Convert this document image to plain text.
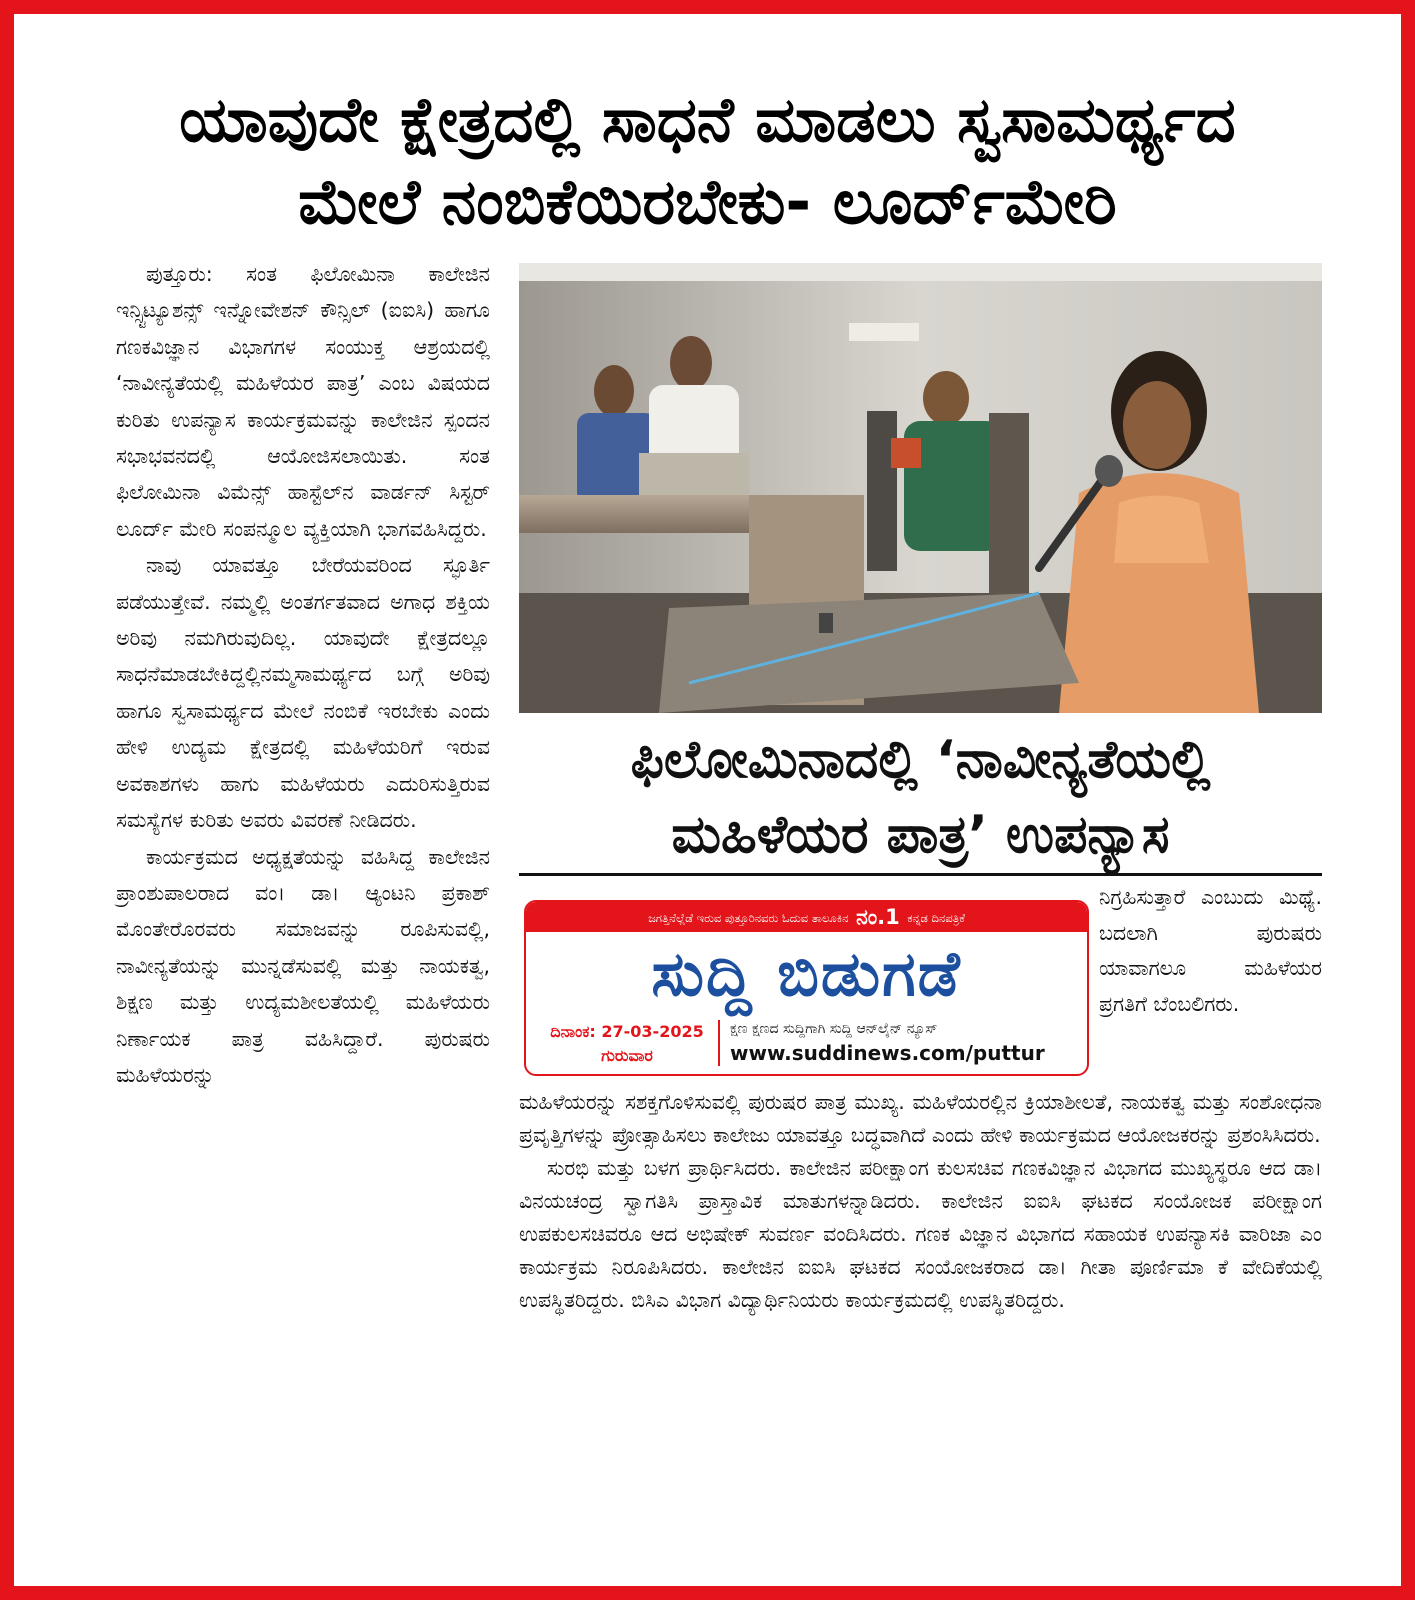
ಯಾವುದೇ ಕ್ಷೇತ್ರದಲ್ಲಿ ಸಾಧನೆ ಮಾಡಲು ಸ್ವಸಾಮರ್ಥ್ಯದ
ಮೇಲೆ ನಂಬಿಕೆಯಿರಬೇಕು- ಲೂರ್ದ್‌ಮೇರಿ

ಪುತ್ತೂರು: ಸಂತ ಫಿಲೋಮಿನಾ ಕಾಲೇಜಿನ ಇನ್ಸ್ಟಿಟ್ಯೂಶನ್ಸ್ ಇನ್ನೋವೇಶನ್ ಕೌನ್ಸಿಲ್ (ಐಐಸಿ) ಹಾಗೂ ಗಣಕವಿಜ್ಞಾನ ವಿಭಾಗಗಳ ಸಂಯುಕ್ತ ಆಶ್ರಯದಲ್ಲಿ ‘ನಾವೀನ್ಯತೆಯಲ್ಲಿ ಮಹಿಳೆಯರ ಪಾತ್ರ’ ಎಂಬ ವಿಷಯದ ಕುರಿತು ಉಪನ್ಯಾಸ ಕಾರ್ಯಕ್ರಮವನ್ನು ಕಾಲೇಜಿನ ಸ್ಪಂದನ ಸಭಾಭವನದಲ್ಲಿ ಆಯೋಜಿಸಲಾಯಿತು. ಸಂತ ಫಿಲೋಮಿನಾ ವಿಮೆನ್ಸ್ ಹಾಸ್ಟೆಲ್‌ನ ವಾರ್ಡನ್ ಸಿಸ್ಟರ್ ಲೂರ್ದ್ ಮೇರಿ ಸಂಪನ್ಮೂಲ ವ್ಯಕ್ತಿಯಾಗಿ ಭಾಗವಹಿಸಿದ್ದರು.

ನಾವು ಯಾವತ್ತೂ ಬೇರೆಯವರಿಂದ ಸ್ಫೂರ್ತಿ ಪಡೆಯುತ್ತೇವೆ. ನಮ್ಮಲ್ಲಿ ಅಂತರ್ಗತವಾದ ಅಗಾಧ ಶಕ್ತಿಯ ಅರಿವು ನಮಗಿರುವುದಿಲ್ಲ. ಯಾವುದೇ ಕ್ಷೇತ್ರದಲ್ಲೂ ಸಾಧನೆಮಾಡಬೇಕಿದ್ದಲ್ಲಿನಮ್ಮಸಾಮರ್ಥ್ಯದ ಬಗ್ಗೆ ಅರಿವು ಹಾಗೂ ಸ್ವಸಾಮರ್ಥ್ಯದ ಮೇಲೆ ನಂಬಿಕೆ ಇರಬೇಕು ಎಂದು ಹೇಳಿ ಉದ್ಯಮ ಕ್ಷೇತ್ರದಲ್ಲಿ ಮಹಿಳೆಯರಿಗೆ ಇರುವ ಅವಕಾಶಗಳು ಹಾಗು ಮಹಿಳೆಯರು ಎದುರಿಸುತ್ತಿರುವ ಸಮಸ್ಯೆಗಳ ಕುರಿತು ಅವರು ವಿವರಣೆ ನೀಡಿದರು.

ಕಾರ್ಯಕ್ರಮದ ಅಧ್ಯಕ್ಷತೆಯನ್ನು ವಹಿಸಿದ್ದ ಕಾಲೇಜಿನ ಪ್ರಾಂಶುಪಾಲರಾದ ವಂ। ಡಾ। ಆ್ಯಂಟನಿ ಪ್ರಕಾಶ್ ಮೊಂತೇರೊರವರು ಸಮಾಜವನ್ನು ರೂಪಿಸುವಲ್ಲಿ, ನಾವೀನ್ಯತೆಯನ್ನು ಮುನ್ನಡೆಸುವಲ್ಲಿ ಮತ್ತು ನಾಯಕತ್ವ, ಶಿಕ್ಷಣ ಮತ್ತು ಉದ್ಯಮಶೀಲತೆಯಲ್ಲಿ ಮಹಿಳೆಯರು ನಿರ್ಣಾಯಕ ಪಾತ್ರ ವಹಿಸಿದ್ದಾರೆ. ಪುರುಷರು ಮಹಿಳೆಯರನ್ನು

ಫಿಲೋಮಿನಾದಲ್ಲಿ ‘ನಾವೀನ್ಯತೆಯಲ್ಲಿ
ಮಹಿಳೆಯರ ಪಾತ್ರ’ ಉಪನ್ಯಾಸ
ಜಗತ್ತಿನೆಲ್ಲೆಡೆ ಇರುವ ಪುತ್ತೂರಿನವರು ಓದುವ ತಾಲೂಕಿನ ನಂ.1 ಕನ್ನಡ ದಿನಪತ್ರಿಕೆ
ಸುದ್ದಿ ಬಿಡುಗಡೆ
ದಿನಾಂಕ: 27-03-2025
ಗುರುವಾರ
ಕ್ಷಣ ಕ್ಷಣದ ಸುದ್ದಿಗಾಗಿ ಸುದ್ದಿ ಆನ್‌ಲೈನ್ ನ್ಯೂಸ್
www.suddinews.com/puttur

ನಿಗ್ರಹಿಸುತ್ತಾರೆ ಎಂಬುದು ಮಿಥ್ಯೆ. ಬದಲಾಗಿ ಪುರುಷರು ಯಾವಾಗಲೂ ಮಹಿಳೆಯರ ಪ್ರಗತಿಗೆ ಬೆಂಬಲಿಗರು.

ಮಹಿಳೆಯರನ್ನು ಸಶಕ್ತಗೊಳಿಸುವಲ್ಲಿ ಪುರುಷರ ಪಾತ್ರ ಮುಖ್ಯ. ಮಹಿಳೆಯರಲ್ಲಿನ ಕ್ರಿಯಾಶೀಲತೆ, ನಾಯಕತ್ವ ಮತ್ತು ಸಂಶೋಧನಾ ಪ್ರವೃತ್ತಿಗಳನ್ನು ಪ್ರೋತ್ಸಾಹಿಸಲು ಕಾಲೇಜು ಯಾವತ್ತೂ ಬದ್ಧವಾಗಿದೆ ಎಂದು ಹೇಳಿ ಕಾರ್ಯಕ್ರಮದ ಆಯೋಜಕರನ್ನು ಪ್ರಶಂಸಿಸಿದರು.

ಸುರಭಿ ಮತ್ತು ಬಳಗ ಪ್ರಾರ್ಥಿಸಿದರು. ಕಾಲೇಜಿನ ಪರೀಕ್ಷಾಂಗ ಕುಲಸಚಿವ ಗಣಕವಿಜ್ಞಾನ ವಿಭಾಗದ ಮುಖ್ಯಸ್ಥರೂ ಆದ ಡಾ। ವಿನಯಚಂದ್ರ ಸ್ವಾಗತಿಸಿ ಪ್ರಾಸ್ತಾವಿಕ ಮಾತುಗಳನ್ನಾಡಿದರು. ಕಾಲೇಜಿನ ಐಐಸಿ ಘಟಕದ ಸಂಯೋಜಕ ಪರೀಕ್ಷಾಂಗ ಉಪಕುಲಸಚಿವರೂ ಆದ ಅಭಿಷೇಕ್ ಸುವರ್ಣ ವಂದಿಸಿದರು. ಗಣಕ ವಿಜ್ಞಾನ ವಿಭಾಗದ ಸಹಾಯಕ ಉಪನ್ಯಾಸಕಿ ವಾರಿಜಾ ಎಂ ಕಾರ್ಯಕ್ರಮ ನಿರೂಪಿಸಿದರು. ಕಾಲೇಜಿನ ಐಐಸಿ ಘಟಕದ ಸಂಯೋಜಕರಾದ ಡಾ। ಗೀತಾ ಪೂರ್ಣಿಮಾ ಕೆ ವೇದಿಕೆಯಲ್ಲಿ ಉಪಸ್ಥಿತರಿದ್ದರು. ಬಿಸಿಎ ವಿಭಾಗ ವಿದ್ಯಾರ್ಥಿನಿಯರು ಕಾರ್ಯಕ್ರಮದಲ್ಲಿ ಉಪಸ್ಥಿತರಿದ್ದರು.
